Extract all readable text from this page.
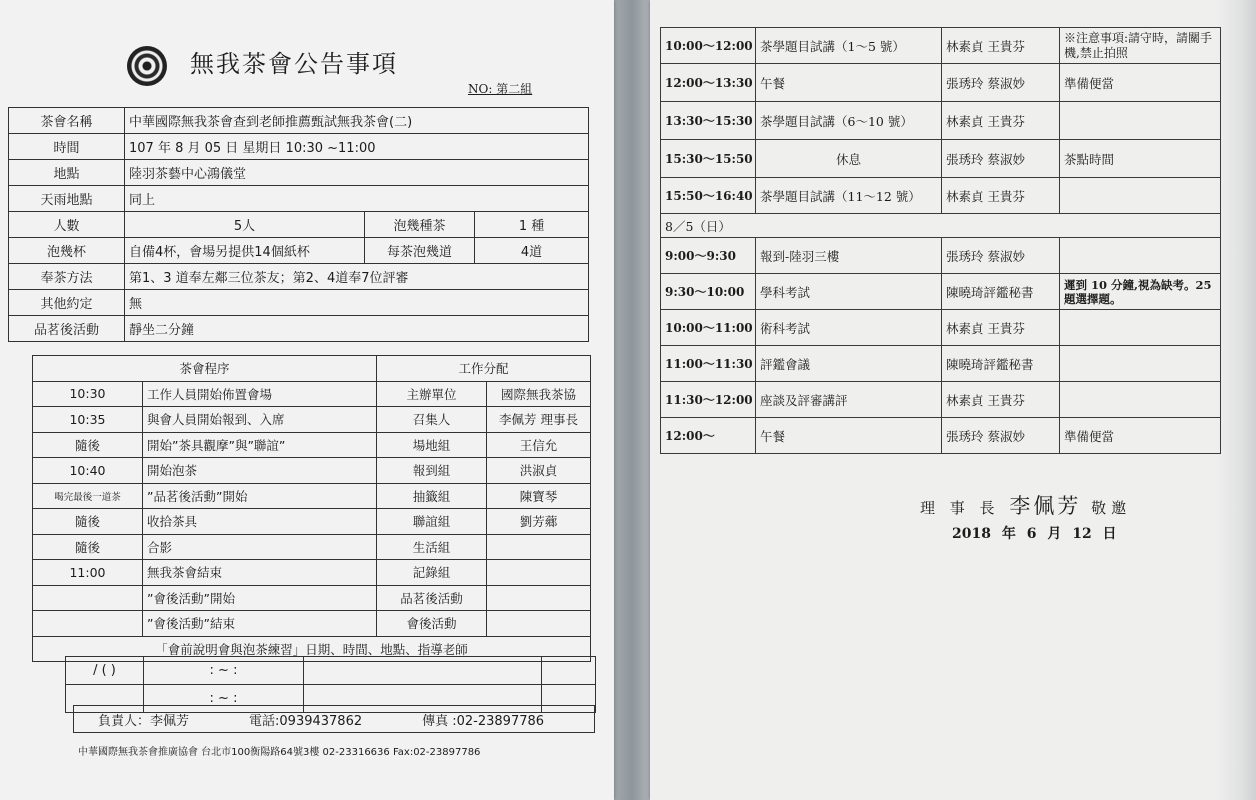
無我茶會公告事項
NO: 第二組
茶會名稱	中華國際無我茶會查到老師推薦甄試無我茶會(二)		
時間	107 年 8 月 05 日 星期日 10:30 ~11:00		
地點	陸羽茶藝中心鴻儀堂		
天雨地點	同上		
人數	5人	泡幾種茶	1 種
泡幾杯	自備4杯，會場另提供14個紙杯	每茶泡幾道	4道
奉茶方法	第1、3 道奉左鄰三位茶友；第2、4道奉7位評審		
其他約定	無		
品茗後活動	靜坐二分鐘		
茶會程序		工作分配	
10:30	工作人員開始佈置會場	主辦單位	國際無我茶協
10:35	與會人員開始報到、入席	召集人	李佩芳 理事長
隨後	開始”茶具觀摩”與”聯誼”	場地組	王信允
10:40	開始泡茶	報到組	洪淑貞
喝完最後一道茶	”品茗後活動”開始	抽籤組	陳寶琴
隨後	收拾茶具	聯誼組	劉芳薌
隨後	合影	生活組	
11:00	無我茶會結束	記錄組	
	”會後活動”開始	品茗後活動	
	”會後活動”結束	會後活動	
「會前說明會與泡茶練習」日期、時間、地點、指導老師			
/ ( )	: ~ :		
	: ~ :		
負責人：李佩芳	電話:0939437862	傳真 :02-23897786
中華國際無我茶會推廣協會 台北市100衡陽路64號3樓 02-23316636 Fax:02-23897786
10:00～12:00	茶學題目試講（1～5 號）	林素貞 王貴芬	※注意事項:請守時，請關手機,禁止拍照
12:00～13:30	午餐	張琇玲 蔡淑妙	準備便當
13:30～15:30	茶學題目試講（6～10 號）	林素貞 王貴芬	
15:30～15:50	休息	張琇玲 蔡淑妙	茶點時間
15:50～16:40	茶學題目試講（11～12 號）	林素貞 王貴芬	
8／5（日）			
9:00～9:30	報到-陸羽三樓	張琇玲 蔡淑妙	
9:30～10:00	學科考試	陳曉琦評鑑秘書	遲到 10 分鐘,視為缺考。25 題選擇題。
10:00～11:00	術科考試	林素貞 王貴芬	
11:00～11:30	評鑑會議	陳曉琦評鑑秘書	
11:30～12:00	座談及評審講評	林素貞 王貴芬	
12:00～	午餐	張琇玲 蔡淑妙	準備便當
理 事 長 李佩芳 敬邀
2018 年 6 月 12 日
